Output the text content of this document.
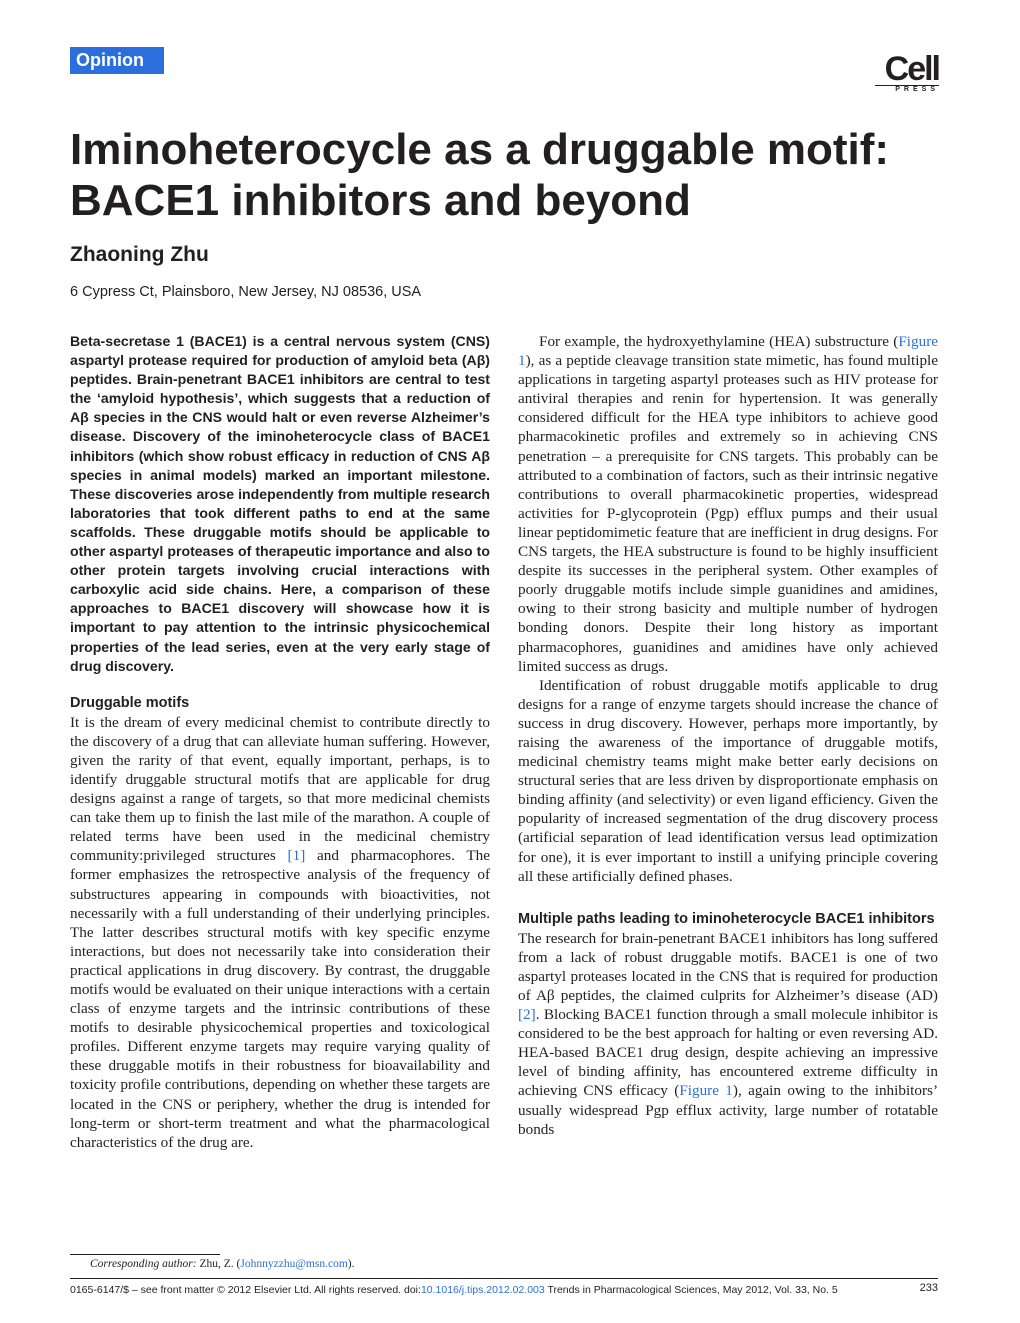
Opinion	Cell
PRESS
Iminoheterocycle as a druggable motif:
BACE1 inhibitors and beyond
Zhaoning Zhu
6 Cypress Ct, Plainsboro, New Jersey, NJ 08536, USA

Beta-secretase 1 (BACE1) is a central nervous system (CNS) aspartyl protease required for production of amyloid beta (Aβ) peptides. Brain-penetrant BACE1 inhibitors are central to test the ‘amyloid hypothesis’, which suggests that a reduction of Aβ species in the CNS would halt or even reverse Alzheimer’s disease. Discovery of the iminoheterocycle class of BACE1 inhibitors (which show robust efficacy in reduction of CNS Aβ species in animal models) marked an important milestone. These discoveries arose independently from multiple research laboratories that took different paths to end at the same scaffolds. These druggable motifs should be applicable to other aspartyl proteases of therapeutic importance and also to other protein targets involving crucial interactions with carboxylic acid side chains. Here, a comparison of these approaches to BACE1 discovery will showcase how it is important to pay attention to the intrinsic physicochemical properties of the lead series, even at the very early stage of drug discovery.

Druggable motifs

It is the dream of every medicinal chemist to contribute directly to the discovery of a drug that can alleviate human suffering. However, given the rarity of that event, equally important, perhaps, is to identify druggable structural motifs that are applicable for drug designs against a range of targets, so that more medicinal chemists can take them up to finish the last mile of the marathon. A couple of related terms have been used in the medicinal chemistry community:privileged structures [1] and pharmacophores. The former emphasizes the retrospective analysis of the frequency of substructures appearing in compounds with bioactivities, not necessarily with a full understanding of their underlying principles. The latter describes structural motifs with key specific enzyme interactions, but does not necessarily take into consideration their practical applications in drug discovery. By contrast, the druggable motifs would be evaluated on their unique interactions with a certain class of enzyme targets and the intrinsic contributions of these motifs to desirable physicochemical properties and toxicological profiles. Different enzyme targets may require varying quality of these druggable motifs in their robustness for bioavailability and toxicity profile contributions, depending on whether these targets are located in the CNS or periphery, whether the drug is intended for long-term or short-term treatment and what the pharmacological characteristics of the drug are.

For example, the hydroxyethylamine (HEA) substructure (Figure 1), as a peptide cleavage transition state mimetic, has found multiple applications in targeting aspartyl proteases such as HIV protease for antiviral therapies and renin for hypertension. It was generally considered difficult for the HEA type inhibitors to achieve good pharmacokinetic profiles and extremely so in achieving CNS penetration – a prerequisite for CNS targets. This probably can be attributed to a combination of factors, such as their intrinsic negative contributions to overall pharmacokinetic properties, widespread activities for P-glycoprotein (Pgp) efflux pumps and their usual linear peptidomimetic feature that are inefficient in drug designs. For CNS targets, the HEA substructure is found to be highly insufficient despite its successes in the peripheral system. Other examples of poorly druggable motifs include simple guanidines and amidines, owing to their strong basicity and multiple number of hydrogen bonding donors. Despite their long history as important pharmacophores, guanidines and amidines have only achieved limited success as drugs.

Identification of robust druggable motifs applicable to drug designs for a range of enzyme targets should increase the chance of success in drug discovery. However, perhaps more importantly, by raising the awareness of the importance of druggable motifs, medicinal chemistry teams might make better early decisions on structural series that are less driven by disproportionate emphasis on binding affinity (and selectivity) or even ligand efficiency. Given the popularity of increased segmentation of the drug discovery process (artificial separation of lead identification versus lead optimization for one), it is ever important to instill a unifying principle covering all these artificially defined phases.

Multiple paths leading to iminoheterocycle BACE1 inhibitors

The research for brain-penetrant BACE1 inhibitors has long suffered from a lack of robust druggable motifs. BACE1 is one of two aspartyl proteases located in the CNS that is required for production of Aβ peptides, the claimed culprits for Alzheimer’s disease (AD) [2]. Blocking BACE1 function through a small molecule inhibitor is considered to be the best approach for halting or even reversing AD. HEA-based BACE1 drug design, despite achieving an impressive level of binding affinity, has encountered extreme difficulty in achieving CNS efficacy (Figure 1), again owing to the inhibitors’ usually widespread Pgp efflux activity, large number of rotatable bonds

Corresponding author: Zhu, Z. (Johnnyzzhu@msn.com).
0165-6147/$ – see front matter © 2012 Elsevier Ltd. All rights reserved. doi:10.1016/j.tips.2012.02.003 Trends in Pharmacological Sciences, May 2012, Vol. 33, No. 5	233
